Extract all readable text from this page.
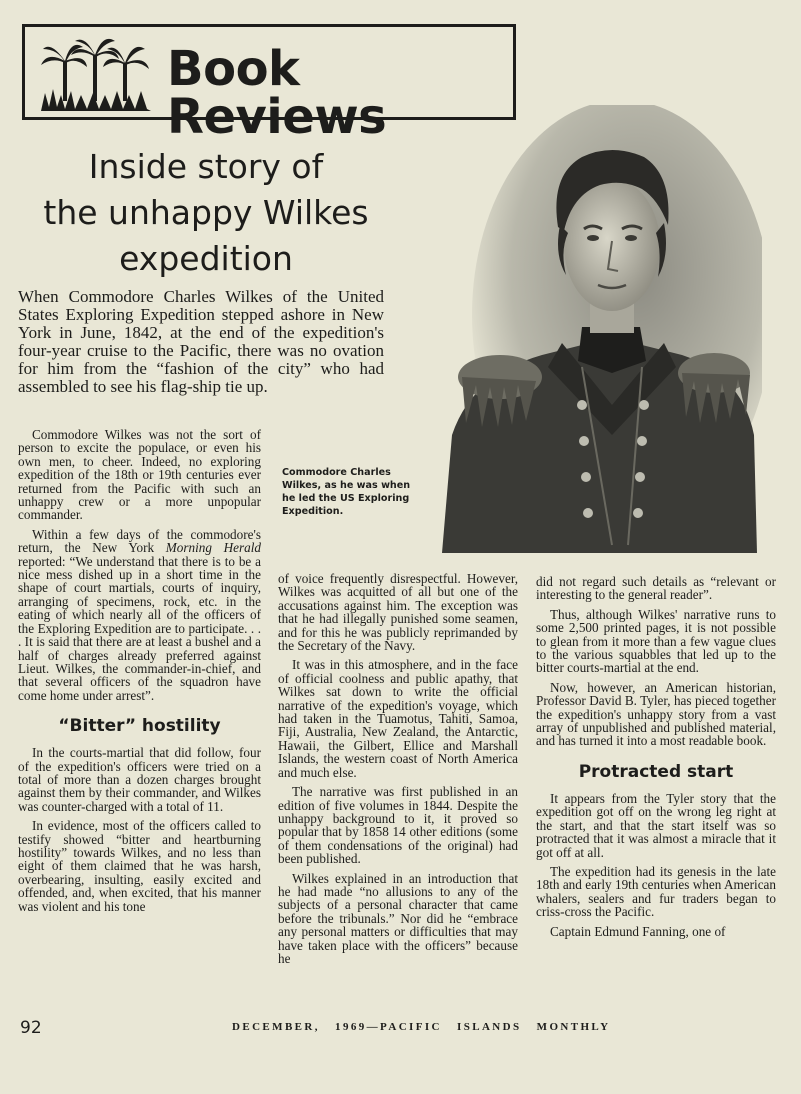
Book Reviews
Inside story of
the unhappy Wilkes
expedition
Commodore Charles Wilkes, as he was when he led the US Exploring Expedition.

When Commodore Charles Wilkes of the United States Exploring Expedition stepped ashore in New York in June, 1842, at the end of the expedition's four-year cruise to the Pacific, there was no ovation for him from the “fashion of the city” who had assembled to see his flag-ship tie up.

Commodore Wilkes was not the sort of person to excite the populace, or even his own men, to cheer. Indeed, no exploring expedition of the 18th or 19th centuries ever returned from the Pacific with such an unhappy crew or a more unpopular commander.

Within a few days of the commodore's return, the New York Morning Herald reported: “We understand that there is to be a nice mess dished up in a short time in the shape of court martials, courts of inquiry, arranging of specimens, rock, etc. in the eating of which nearly all of the officers of the Exploring Expedition are to participate. . . . It is said that there are at least a bushel and a half of charges already preferred against Lieut. Wilkes, the commander-in-chief, and that several officers of the squadron have come home under arrest”.

“Bitter” hostility

In the courts-martial that did follow, four of the expedition's officers were tried on a total of more than a dozen charges brought against them by their commander, and Wilkes was counter-charged with a total of 11.

In evidence, most of the officers called to testify showed “bitter and heartburning hostility” towards Wilkes, and no less than eight of them claimed that he was harsh, overbearing, insulting, easily excited and offended, and, when excited, that his manner was violent and his tone

of voice frequently disrespectful. However, Wilkes was acquitted of all but one of the accusations against him. The exception was that he had illegally punished some seamen, and for this he was publicly reprimanded by the Secretary of the Navy.

It was in this atmosphere, and in the face of official coolness and public apathy, that Wilkes sat down to write the official narrative of the expedition's voyage, which had taken in the Tuamotus, Tahiti, Samoa, Fiji, Australia, New Zealand, the Antarctic, Hawaii, the Gilbert, Ellice and Marshall Islands, the western coast of North America and much else.

The narrative was first published in an edition of five volumes in 1844. Despite the unhappy background to it, it proved so popular that by 1858 14 other editions (some of them condensations of the original) had been published.

Wilkes explained in an introduction that he had made “no allusions to any of the subjects of a personal character that came before the tribunals.” Nor did he “embrace any personal matters or difficulties that may have taken place with the officers” because he

did not regard such details as “relevant or interesting to the general reader”.

Thus, although Wilkes' narrative runs to some 2,500 printed pages, it is not possible to glean from it more than a few vague clues to the various squabbles that led up to the bitter courts-martial at the end.

Now, however, an American historian, Professor David B. Tyler, has pieced together the expedition's unhappy story from a vast array of unpublished and published material, and has turned it into a most readable book.

Protracted start

It appears from the Tyler story that the expedition got off on the wrong leg right at the start, and that the start itself was so protracted that it was almost a miracle that it got off at all.

The expedition had its genesis in the late 18th and early 19th centuries when American whalers, sealers and fur traders began to criss-cross the Pacific.

Captain Edmund Fanning, one of

92	DECEMBER, 1969—PACIFIC ISLANDS MONTHLY
